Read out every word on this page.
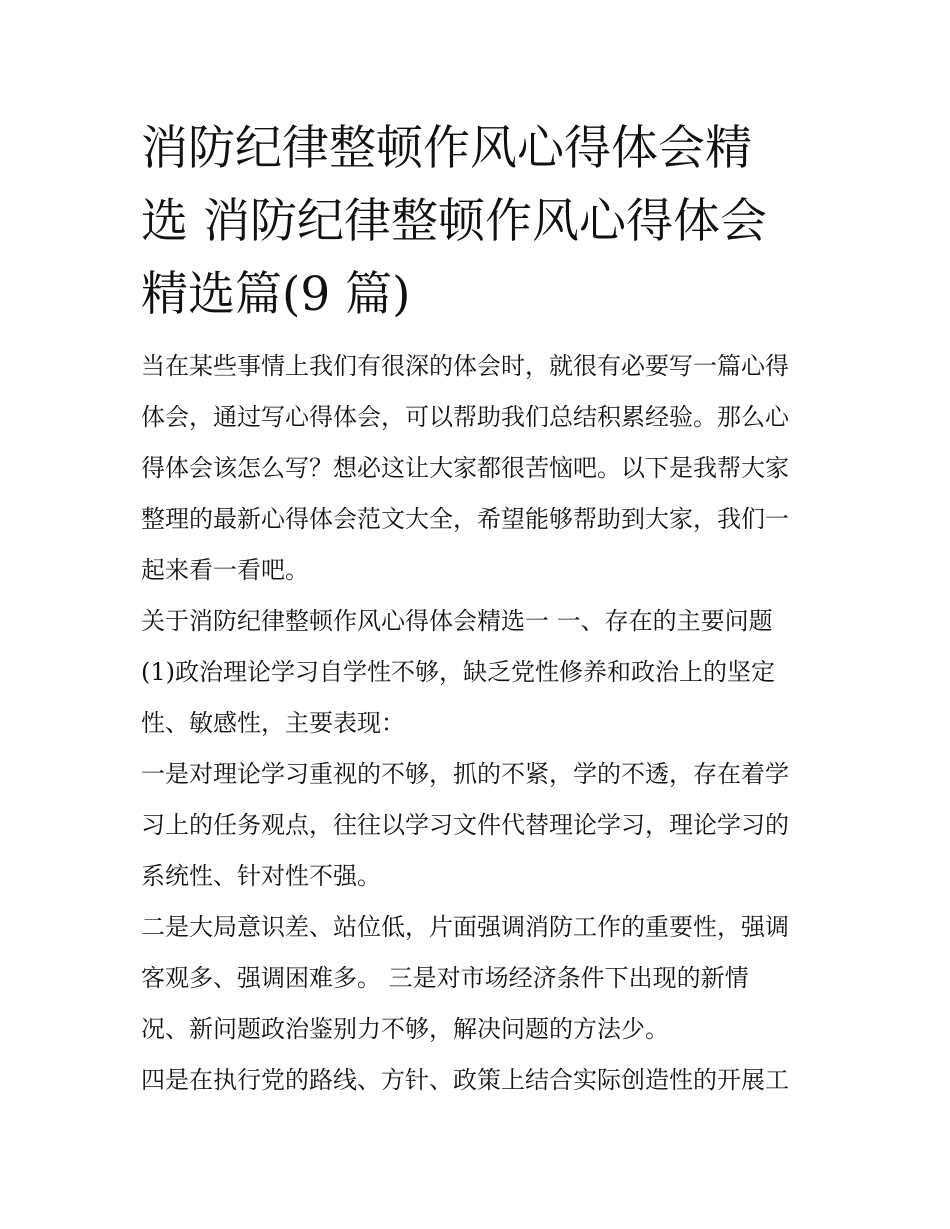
消防纪律整顿作风心得体会精
选 消防纪律整顿作风心得体会
精选篇(9 篇)

当在某些事情上我们有很深的体会时，就很有必要写一篇心得
体会，通过写心得体会，可以帮助我们总结积累经验。那么心
得体会该怎么写？想必这让大家都很苦恼吧。以下是我帮大家
整理的最新心得体会范文大全，希望能够帮助到大家，我们一
起来看一看吧。

关于消防纪律整顿作风心得体会精选一 一、存在的主要问题

(1)政治理论学习自学性不够，缺乏党性修养和政治上的坚定
性、敏感性，主要表现：

一是对理论学习重视的不够，抓的不紧，学的不透，存在着学
习上的任务观点，往往以学习文件代替理论学习，理论学习的
系统性、针对性不强。

二是大局意识差、站位低，片面强调消防工作的重要性，强调
客观多、强调困难多。 三是对市场经济条件下出现的新情
况、新问题政治鉴别力不够，解决问题的方法少。

四是在执行党的路线、方针、政策上结合实际创造性的开展工
